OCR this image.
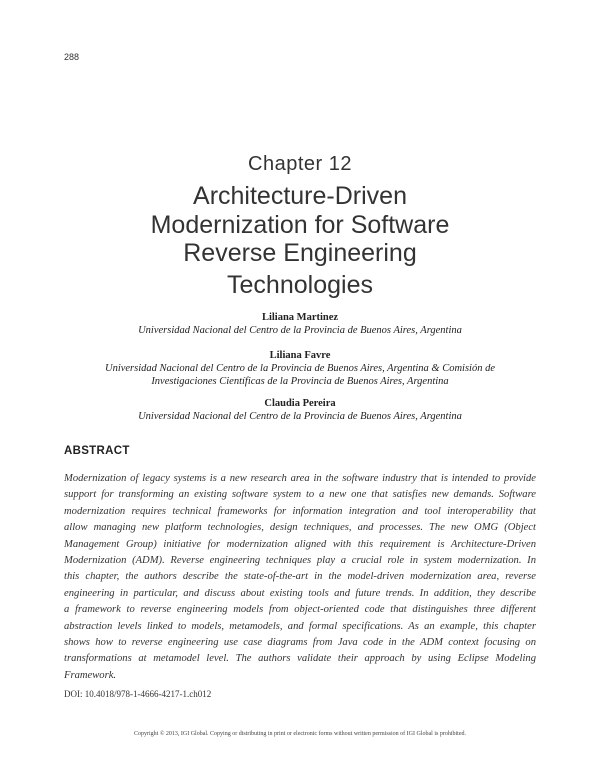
288
Chapter 12
Architecture-Driven
Modernization for Software
Reverse Engineering
Technologies
Liliana Martinez
Universidad Nacional del Centro de la Provincia de Buenos Aires, Argentina
Liliana Favre
Universidad Nacional del Centro de la Provincia de Buenos Aires, Argentina & Comisión de
Investigaciones Científicas de la Provincia de Buenos Aires, Argentina
Claudia Pereira
Universidad Nacional del Centro de la Provincia de Buenos Aires, Argentina
ABSTRACT
Modernization of legacy systems is a new research area in the software industry that is intended to provide
support for transforming an existing software system to a new one that satisfies new demands. Software
modernization requires technical frameworks for information integration and tool interoperability that
allow managing new platform technologies, design techniques, and processes. The new OMG (Object
Management Group) initiative for modernization aligned with this requirement is Architecture-Driven
Modernization (ADM). Reverse engineering techniques play a crucial role in system modernization. In
this chapter, the authors describe the state-of-the-art in the model-driven modernization area, reverse
engineering in particular, and discuss about existing tools and future trends. In addition, they describe
a framework to reverse engineering models from object-oriented code that distinguishes three different
abstraction levels linked to models, metamodels, and formal specifications. As an example, this chapter
shows how to reverse engineering use case diagrams from Java code in the ADM context focusing on
transformations at metamodel level. The authors validate their approach by using Eclipse Modeling
Framework.
DOI: 10.4018/978-1-4666-4217-1.ch012
Copyright © 2013, IGI Global. Copying or distributing in print or electronic forms without written permission of IGI Global is prohibited.
